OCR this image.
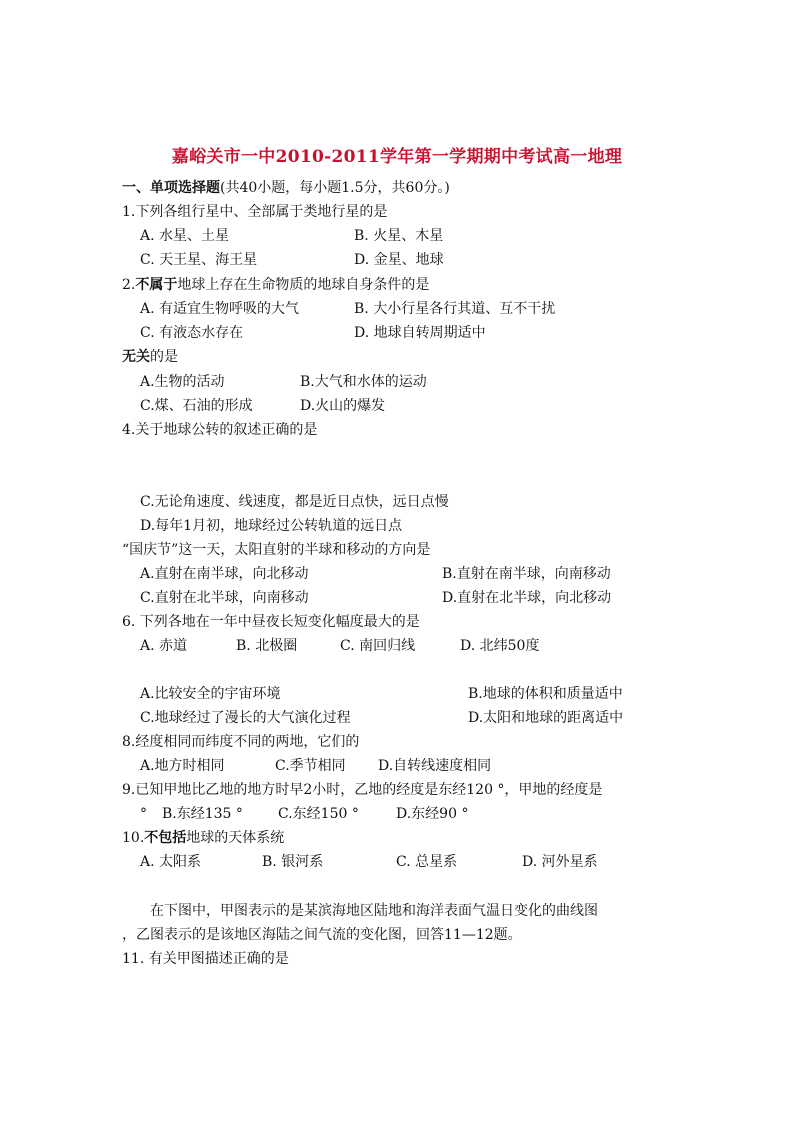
嘉峪关市一中2010-2011学年第一学期期中考试高一地理
一、单项选择题(共40小题，每小题1.5分，共60分。)
1.下列各组行星中、全部属于类地行星的是
A. 水星、土星	B. 火星、木星
C. 天王星、海王星	D. 金星、地球
2.不属于地球上存在生命物质的地球自身条件的是
A. 有适宜生物呼吸的大气	B. 大小行星各行其道、互不干扰
C. 有液态水存在	D. 地球自转周期适中
无关的是
A.生物的活动	B.大气和水体的运动
C.煤、石油的形成	D.火山的爆发
4.关于地球公转的叙述正确的是
C.无论角速度、线速度，都是近日点快，远日点慢
D.每年1月初，地球经过公转轨道的远日点
“国庆节”这一天，太阳直射的半球和移动的方向是
A.直射在南半球，向北移动	B.直射在南半球，向南移动
C.直射在北半球，向南移动	D.直射在北半球，向北移动
6. 下列各地在一年中昼夜长短变化幅度最大的是
A. 赤道	B. 北极圈	C. 南回归线	D. 北纬50度
A.比较安全的宇宙环境	B.地球的体积和质量适中
C.地球经过了漫长的大气演化过程	D.太阳和地球的距离适中
8.经度相同而纬度不同的两地，它们的
A.地方时相同	C.季节相同 D.自转线速度相同
9.已知甲地比乙地的地方时早2小时，乙地的经度是东经120 °，甲地的经度是
° B.东经135 °	C.东经150 °	D.东经90 °
10.不包括地球的天体系统
A. 太阳系	B. 银河系	C. 总星系	D. 河外星系
在下图中，甲图表示的是某滨海地区陆地和海洋表面气温日变化的曲线图
，乙图表示的是该地区海陆之间气流的变化图，回答11—12题。
11. 有关甲图描述正确的是
